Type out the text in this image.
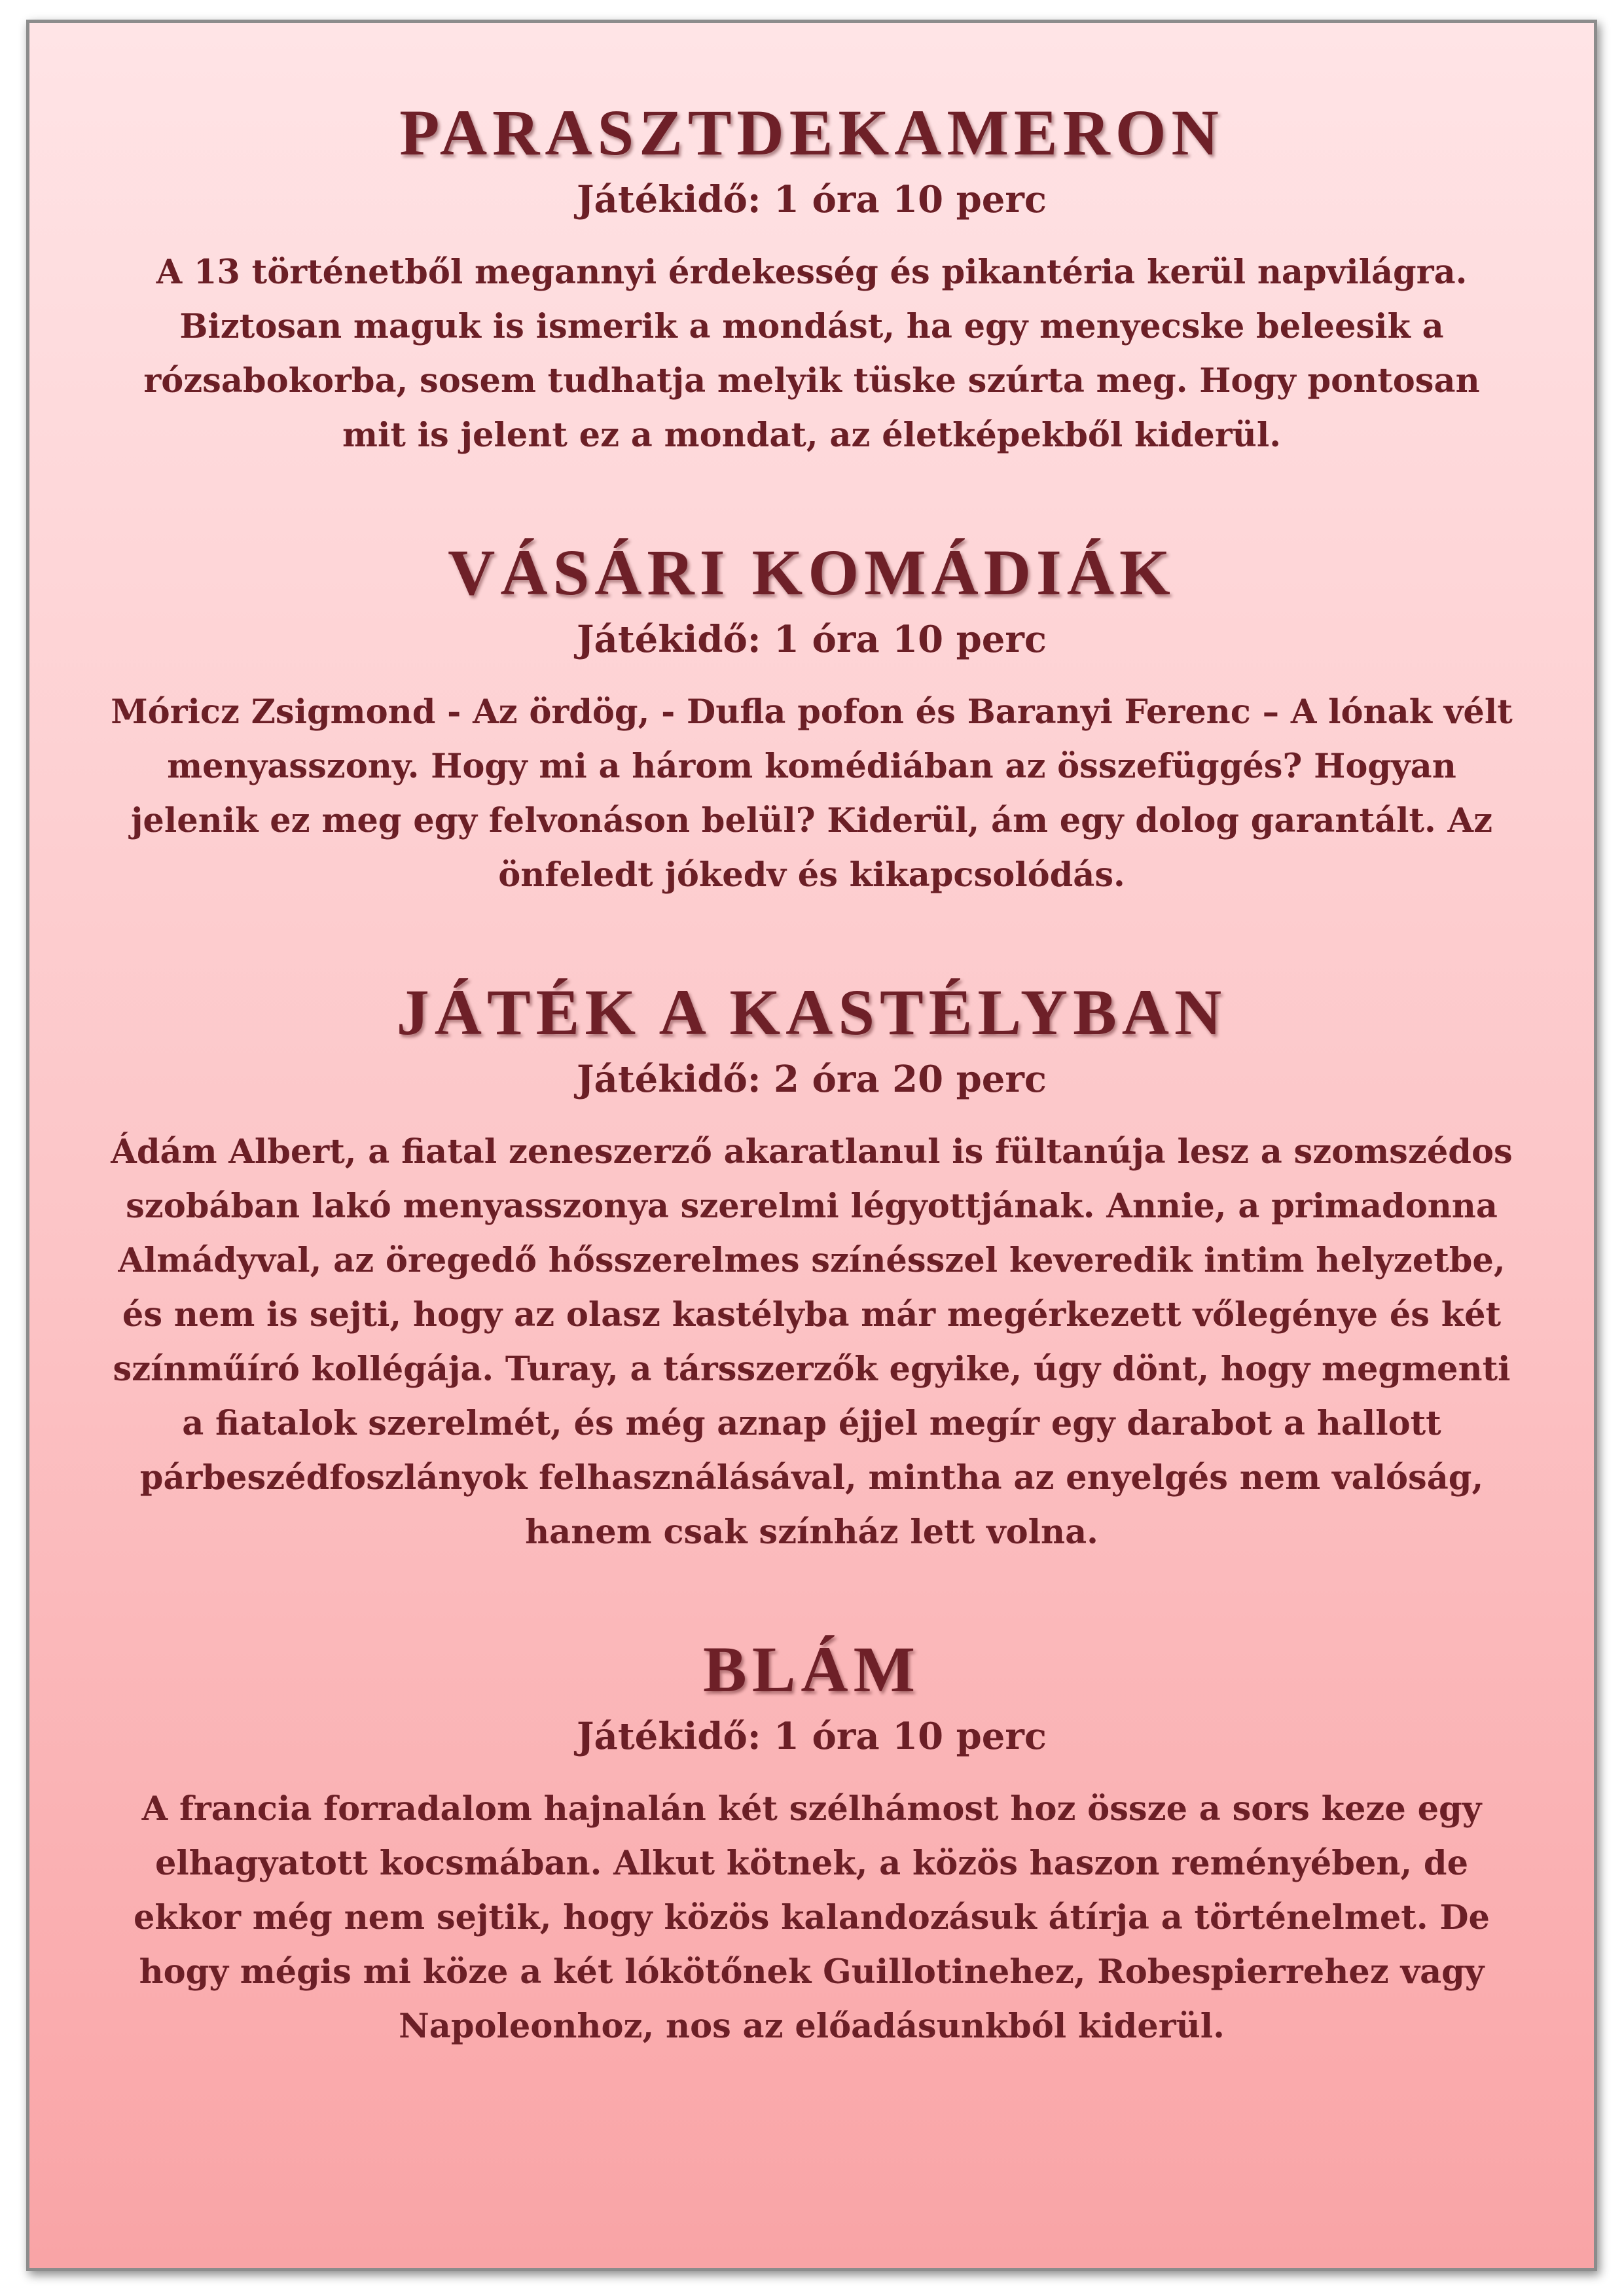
PARASZTDEKAMERON

Játékidő: 1 óra 10 perc

A 13 történetből megannyi érdekesség és pikantéria kerül napvilágra. Biztosan maguk is ismerik a mondást, ha egy menyecske beleesik a rózsabokorba, sosem tudhatja melyik tüske szúrta meg. Hogy pontosan mit is jelent ez a mondat, az életképekből kiderül.

VÁSÁRI KOMÁDIÁK

Játékidő: 1 óra 10 perc

Móricz Zsigmond - Az ördög, - Dufla pofon és Baranyi Ferenc – A lónak vélt menyasszony. Hogy mi a három komédiában az összefüggés? Hogyan jelenik ez meg egy felvonáson belül? Kiderül, ám egy dolog garantált. Az önfeledt jókedv és kikapcsolódás.

JÁTÉK A KASTÉLYBAN

Játékidő: 2 óra 20 perc

Ádám Albert, a fiatal zeneszerző akaratlanul is fültanúja lesz a szomszédos szobában lakó menyasszonya szerelmi légyottjának. Annie, a primadonna Almádyval, az öregedő hősszerelmes színésszel keveredik intim helyzetbe, és nem is sejti, hogy az olasz kastélyba már megérkezett vőlegénye és két színműíró kollégája. Turay, a társszerzők egyike, úgy dönt, hogy megmenti a fiatalok szerelmét, és még aznap éjjel megír egy darabot a hallott párbeszédfoszlányok felhasználásával, mintha az enyelgés nem valóság, hanem csak színház lett volna.

BLÁM

Játékidő: 1 óra 10 perc

A francia forradalom hajnalán két szélhámost hoz össze a sors keze egy elhagyatott kocsmában. Alkut kötnek, a közös haszon reményében, de ekkor még nem sejtik, hogy közös kalandozásuk átírja a történelmet. De hogy mégis mi köze a két lókötőnek Guillotinehez, Robespierrehez vagy Napoleonhoz, nos az előadásunkból kiderül.
